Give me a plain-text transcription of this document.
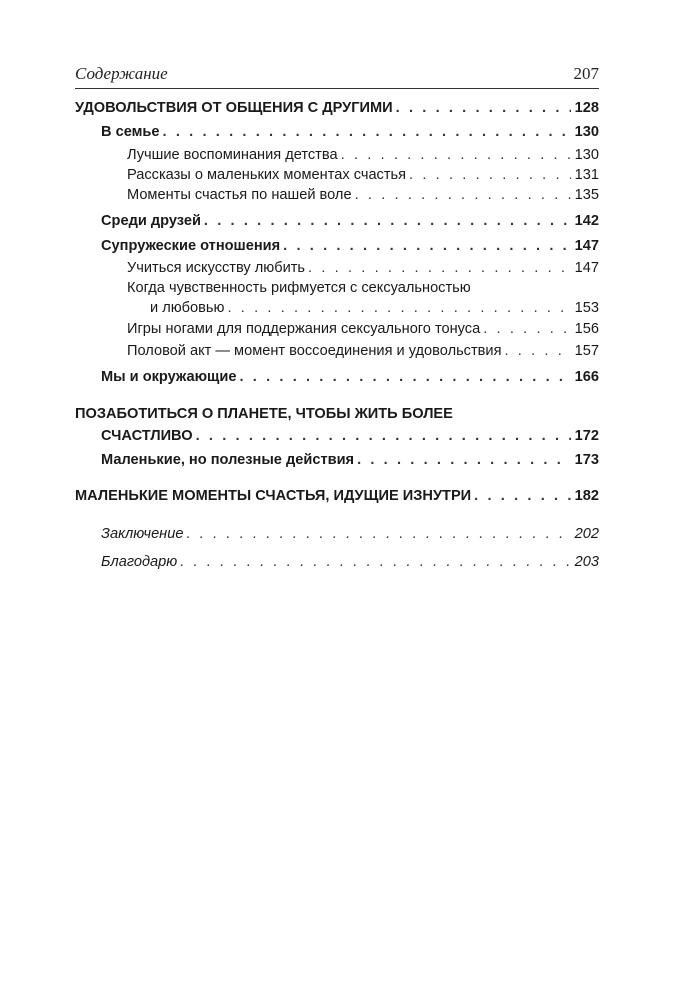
Содержание	207
УДОВОЛЬСТВИЯ ОТ ОБЩЕНИЯ С ДРУГИМИ . . .	128
В семье . . .	130
Лучшие воспоминания детства . . .	130
Рассказы о маленьких моментах счастья . . .	131
Моменты счастья по нашей воле . . .	135
Среди друзей . . .	142
Супружеские отношения . . .	147
Учиться искусству любить . . .	147
Когда чувственность рифмуется с сексуальностью
и любовью . . .	153
Игры ногами для поддержания сексуального тонуса . . .	156
Половой акт — момент воссоединения и удовольствия . . .	157
Мы и окружающие . . .	166
ПОЗАБОТИТЬСЯ О ПЛАНЕТЕ, ЧТОБЫ ЖИТЬ БОЛЕЕ
СЧАСТЛИВО . . .	172
Маленькие, но полезные действия . . .	173
МАЛЕНЬКИЕ МОМЕНТЫ СЧАСТЬЯ, ИДУЩИЕ ИЗНУТРИ . . .	182
Заключение . . .	202
Благодарю . . .	203
